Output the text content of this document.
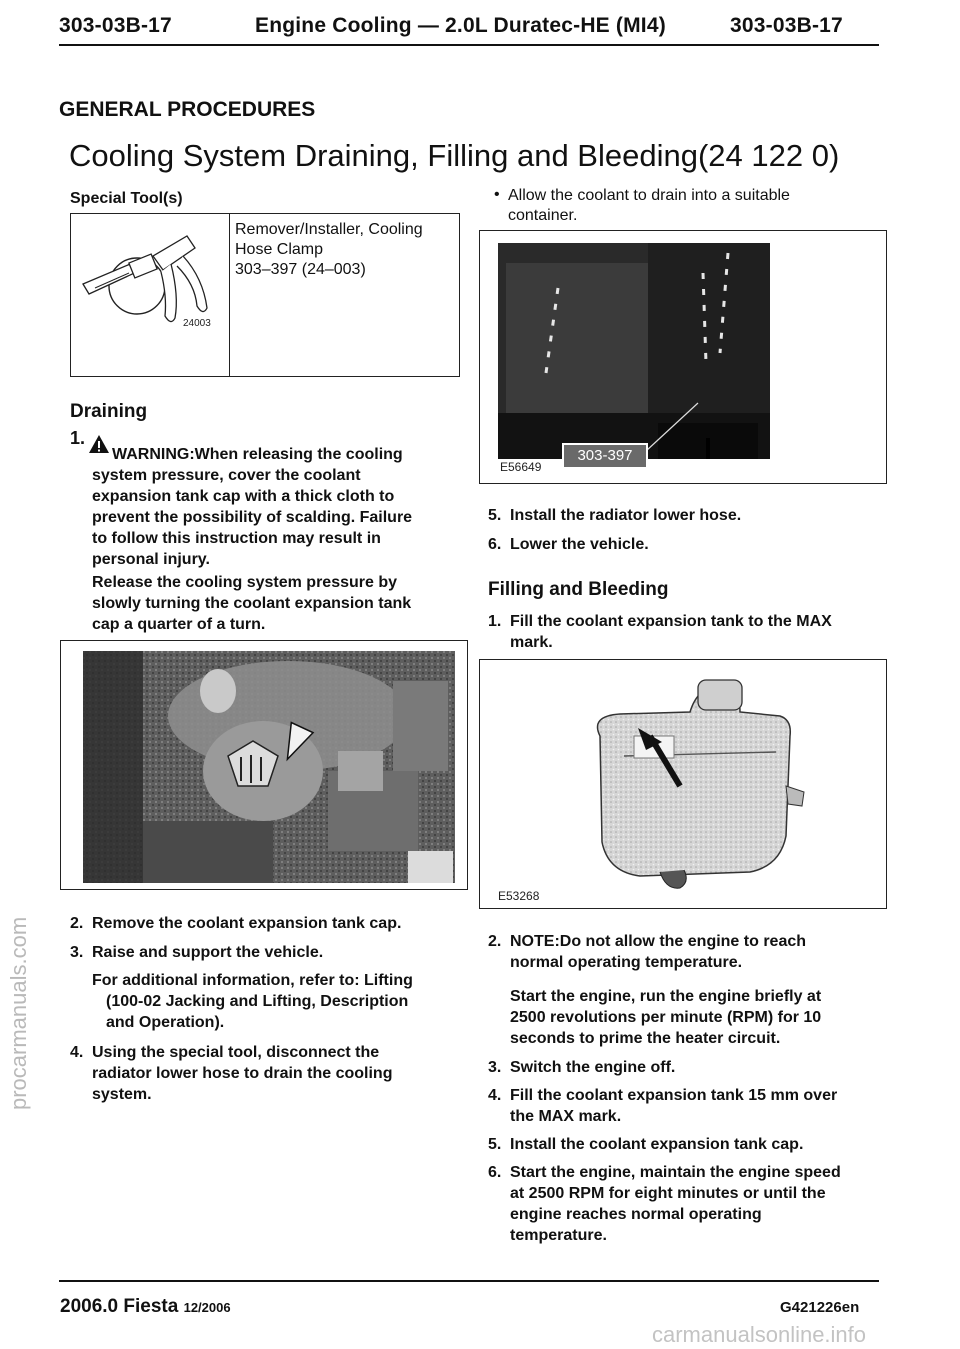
procarmanuals.com
303-03B-17	Engine Cooling — 2.0L Duratec-HE (MI4)	303-03B-17
GENERAL PROCEDURES
Cooling System Draining, Filling and Bleeding(24 122 0)
Special Tool(s)
24003
Remover/Installer, Cooling
Hose Clamp
303–397 (24–003)
Draining
1.
WARNING:When releasing the cooling
system pressure, cover the coolant
expansion tank cap with a thick cloth to
prevent the possibility of scalding. Failure
to follow this instruction may result in
personal injury.
Release the cooling system pressure by
slowly turning the coolant expansion tank
cap a quarter of a turn.
2. Remove the coolant expansion tank cap.
3. Raise and support the vehicle.
For additional information, refer to: Lifting
(100-02 Jacking and Lifting, Description
and Operation).
4. Using the special tool, disconnect the
radiator lower hose to drain the cooling
system.
• Allow the coolant to drain into a suitable
container.
E56649
303-397
5. Install the radiator lower hose.
6. Lower the vehicle.
Filling and Bleeding
1. Fill the coolant expansion tank to the MAX
mark.
E53268
2. NOTE:Do not allow the engine to reach
normal operating temperature.
Start the engine, run the engine briefly at
2500 revolutions per minute (RPM) for 10
seconds to prime the heater circuit.
3. Switch the engine off.
4. Fill the coolant expansion tank 15 mm over
the MAX mark.
5. Install the coolant expansion tank cap.
6. Start the engine, maintain the engine speed
at 2500 RPM for eight minutes or until the
engine reaches normal operating
temperature.
2006.0 Fiesta 12/2006	G421226en
carmanualsonline.info
